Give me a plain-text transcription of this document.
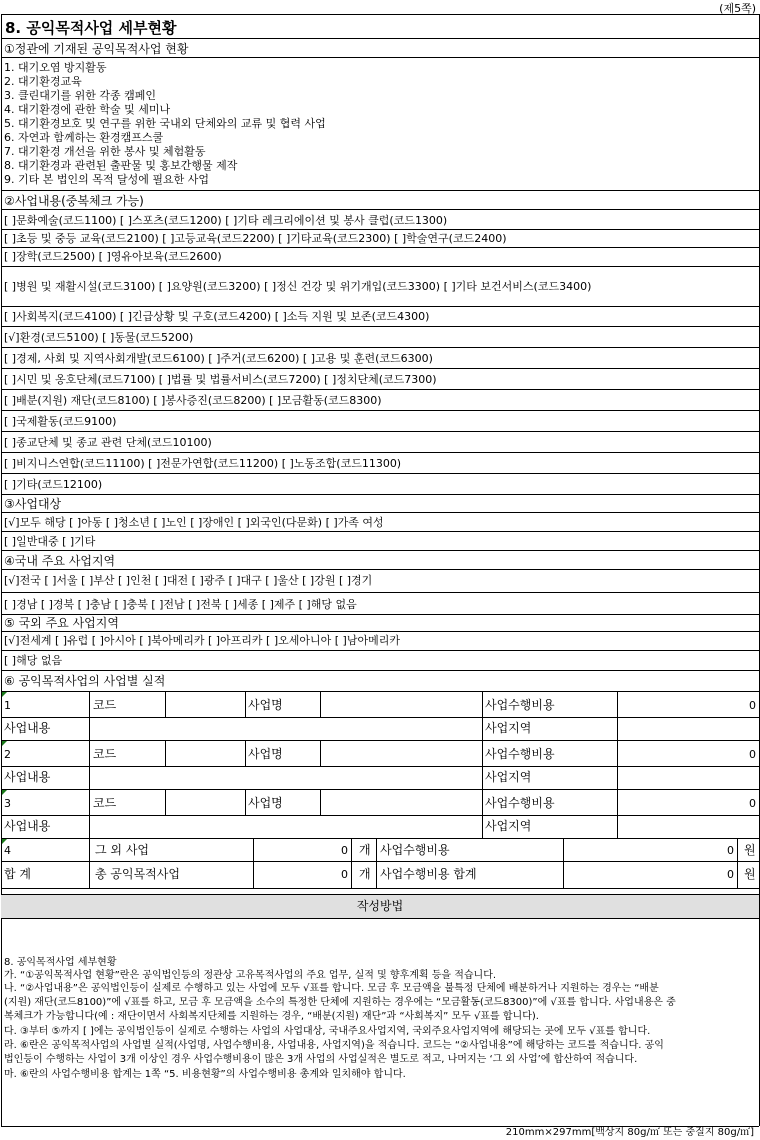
(제5쪽)
8. 공익목적사업 세부현황
①정관에 기재된 공익목적사업 현황
1. 대기오염 방지활동
2. 대기환경교육
3. 클린대기를 위한 각종 캠페인
4. 대기환경에 관한 학술 및 세미나
5. 대기환경보호 및 연구를 위한 국내외 단체와의 교류 및 협력 사업
6. 자연과 함께하는 환경캠프스쿨
7. 대기환경 개선을 위한 봉사 및 체험활동
8. 대기환경과 관련된 출판물 및 홍보간행물 제작
9. 기타 본 법인의 목적 달성에 필요한 사업
②사업내용(중복체크 가능)
[ ]문화예술(코드1100) [ ]스포츠(코드1200) [ ]기타 레크리에이션 및 봉사 클럽(코드1300)
[ ]초등 및 중등 교육(코드2100) [ ]고등교육(코드2200) [ ]기타교육(코드2300) [ ]학술연구(코드2400)
[ ]장학(코드2500) [ ]영유아보육(코드2600)
[ ]병원 및 재활시설(코드3100) [ ]요양원(코드3200) [ ]정신 건강 및 위기개입(코드3300) [ ]기타 보건서비스(코드3400)
[ ]사회복지(코드4100) [ ]긴급상황 및 구호(코드4200) [ ]소득 지원 및 보존(코드4300)
[√]환경(코드5100) [ ]동물(코드5200)
[ ]경제, 사회 및 지역사회개발(코드6100) [ ]주거(코드6200) [ ]고용 및 훈련(코드6300)
[ ]시민 및 옹호단체(코드7100) [ ]법률 및 법률서비스(코드7200) [ ]정치단체(코드7300)
[ ]배분(지원) 재단(코드8100) [ ]봉사증진(코드8200) [ ]모금활동(코드8300)
[ ]국제활동(코드9100)
[ ]종교단체 및 종교 관련 단체(코드10100)
[ ]비지니스연합(코드11100) [ ]전문가연합(코드11200) [ ]노동조합(코드11300)
[ ]기타(코드12100)
③사업대상
[√]모두 해당 [ ]아동 [ ]청소년 [ ]노인 [ ]장애인 [ ]외국인(다문화) [ ]가족 여성
[ ]일반대중 [ ]기타
④국내 주요 사업지역
[√]전국 [ ]서울 [ ]부산 [ ]인천 [ ]대전 [ ]광주 [ ]대구 [ ]울산 [ ]강원 [ ]경기
[ ]경남 [ ]경북 [ ]충남 [ ]충북 [ ]전남 [ ]전북 [ ]세종 [ ]제주 [ ]해당 없음
⑤ 국외 주요 사업지역
[√]전세계 [ ]유럽 [ ]아시아 [ ]북아메리카 [ ]아프리카 [ ]오세아니아 [ ]남아메리카
[ ]해당 없음
⑥ 공익목적사업의 사업별 실적
1	코드	사업명	사업수행비용	0
사업내용	사업지역
2	코드	사업명	사업수행비용	0
사업내용	사업지역
3	코드	사업명	사업수행비용	0
사업내용	사업지역
4	그 외 사업	0 개 사업수행비용	0 원
합 계	총 공익목적사업	0 개 사업수행비용 합계	0 원
작성방법
8. 공익목적사업 세부현황
가. “①공익목적사업 현황”란은 공익법인등의 정관상 고유목적사업의 주요 업무, 실적 및 향후계획 등을 적습니다.
나. “②사업내용”은 공익법인등이 실제로 수행하고 있는 사업에 모두 √표를 합니다. 모금 후 모금액을 불특정 단체에 배분하거나 지원하는 경우는 “배분
(지원) 재단(코드8100)”에 √표를 하고, 모금 후 모금액을 소수의 특정한 단체에 지원하는 경우에는 “모금활동(코드8300)”에 √표를 합니다. 사업내용은 중
복체크가 가능합니다(예 : 재단이면서 사회복지단체를 지원하는 경우, “배분(지원) 재단”과 “사회복지” 모두 √표를 합니다).
다. ③부터 ⑤까지 [ ]에는 공익법인등이 실제로 수행하는 사업의 사업대상, 국내주요사업지역, 국외주요사업지역에 해당되는 곳에 모두 √표를 합니다.
라. ⑥란은 공익목적사업의 사업별 실적(사업명, 사업수행비용, 사업내용, 사업지역)을 적습니다. 코드는 “②사업내용”에 해당하는 코드를 적습니다. 공익
법인등이 수행하는 사업이 3개 이상인 경우 사업수행비용이 많은 3개 사업의 사업실적은 별도로 적고, 나머지는 ‘그 외 사업’에 합산하여 적습니다.
마. ⑥란의 사업수행비용 합계는 1쪽 “5. 비용현황”의 사업수행비용 총계와 일치해야 합니다.
210mm×297mm[백상지 80g/㎡ 또는 중질지 80g/㎡]
